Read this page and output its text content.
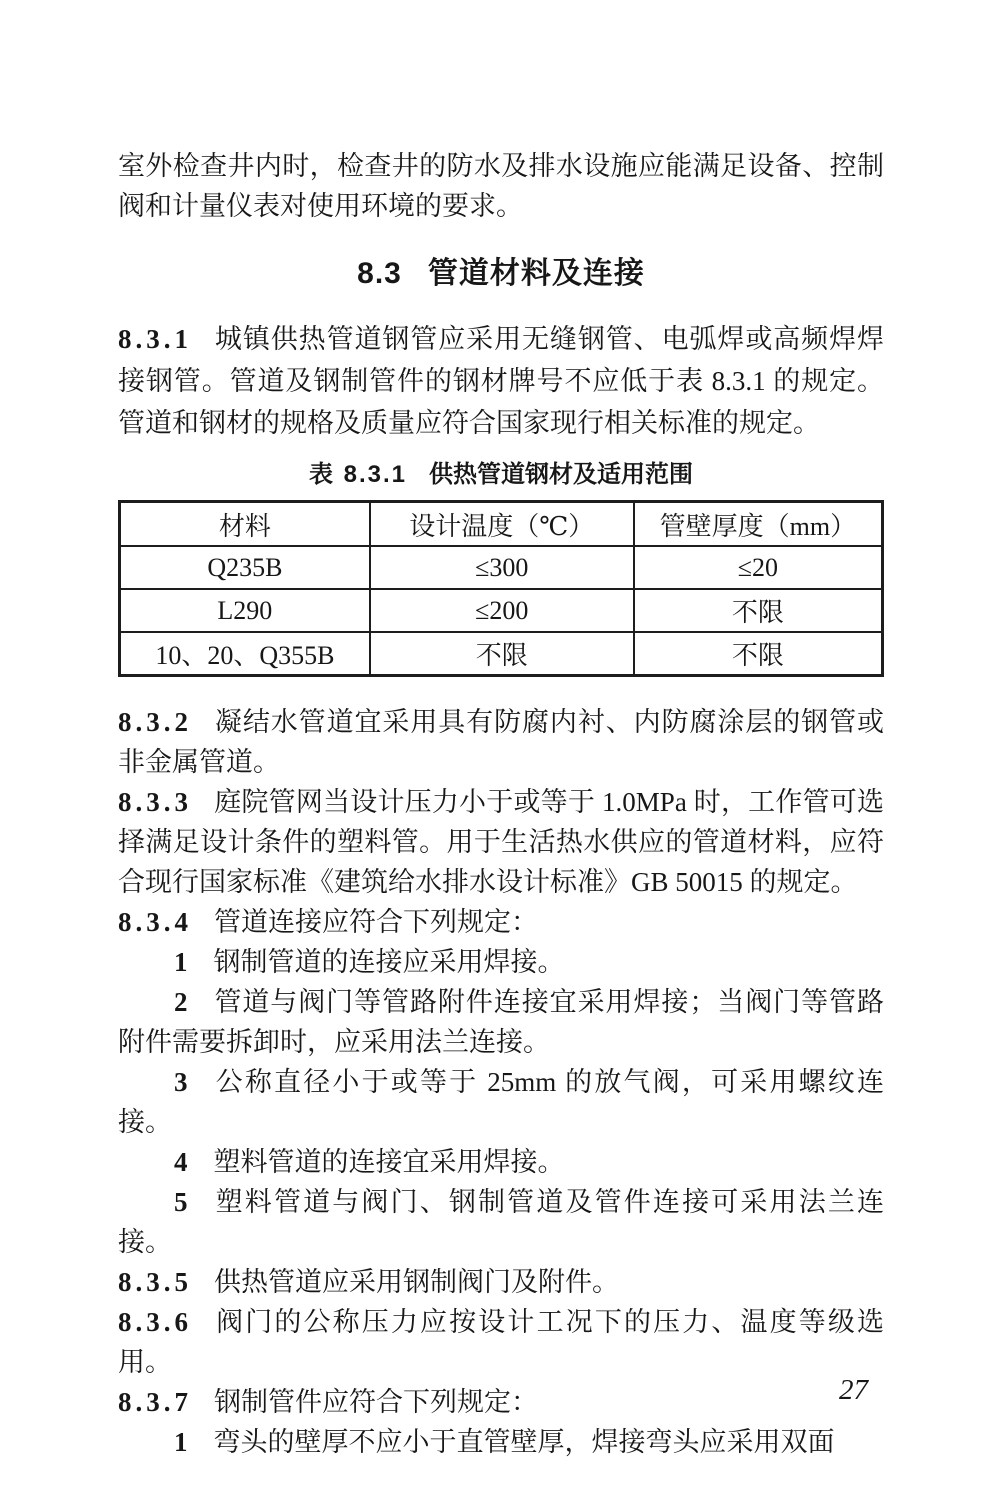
室外检查井内时，检查井的防水及排水设施应能满足设备、控制阀和计量仪表对使用环境的要求。

8.3 管道材料及连接

8.3.1 城镇供热管道钢管应采用无缝钢管、电弧焊或高频焊焊接钢管。管道及钢制管件的钢材牌号不应低于表 8.3.1 的规定。管道和钢材的规格及质量应符合国家现行相关标准的规定。

表 8.3.1 供热管道钢材及适用范围

材料	设计温度（℃）	管壁厚度（mm）
Q235B	≤300	≤20
L290	≤200	不限
10、20、Q355B	不限	不限

8.3.2 凝结水管道宜采用具有防腐内衬、内防腐涂层的钢管或非金属管道。

8.3.3 庭院管网当设计压力小于或等于 1.0MPa 时，工作管可选择满足设计条件的塑料管。用于生活热水供应的管道材料，应符合现行国家标准《建筑给水排水设计标准》GB 50015 的规定。

8.3.4 管道连接应符合下列规定：

1 钢制管道的连接应采用焊接。

2 管道与阀门等管路附件连接宜采用焊接；当阀门等管路附件需要拆卸时，应采用法兰连接。

3 公称直径小于或等于 25mm 的放气阀，可采用螺纹连接。

4 塑料管道的连接宜采用焊接。

5 塑料管道与阀门、钢制管道及管件连接可采用法兰连接。

8.3.5 供热管道应采用钢制阀门及附件。

8.3.6 阀门的公称压力应按设计工况下的压力、温度等级选用。

8.3.7 钢制管件应符合下列规定：

1 弯头的壁厚不应小于直管壁厚，焊接弯头应采用双面

27
